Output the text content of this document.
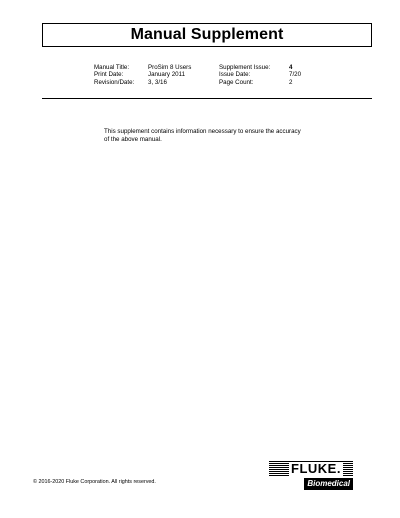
Manual Supplement
Manual Title:
Print Date:
Revision/Date:
ProSim 8 Users
January 2011
3, 3/16
Supplement Issue:
Issue Date:
Page Count:
4
7/20
2
This supplement contains information necessary to ensure the accuracy of the above manual.
© 2016-2020 Fluke Corporation. All rights reserved.
FLUKE.
Biomedical
